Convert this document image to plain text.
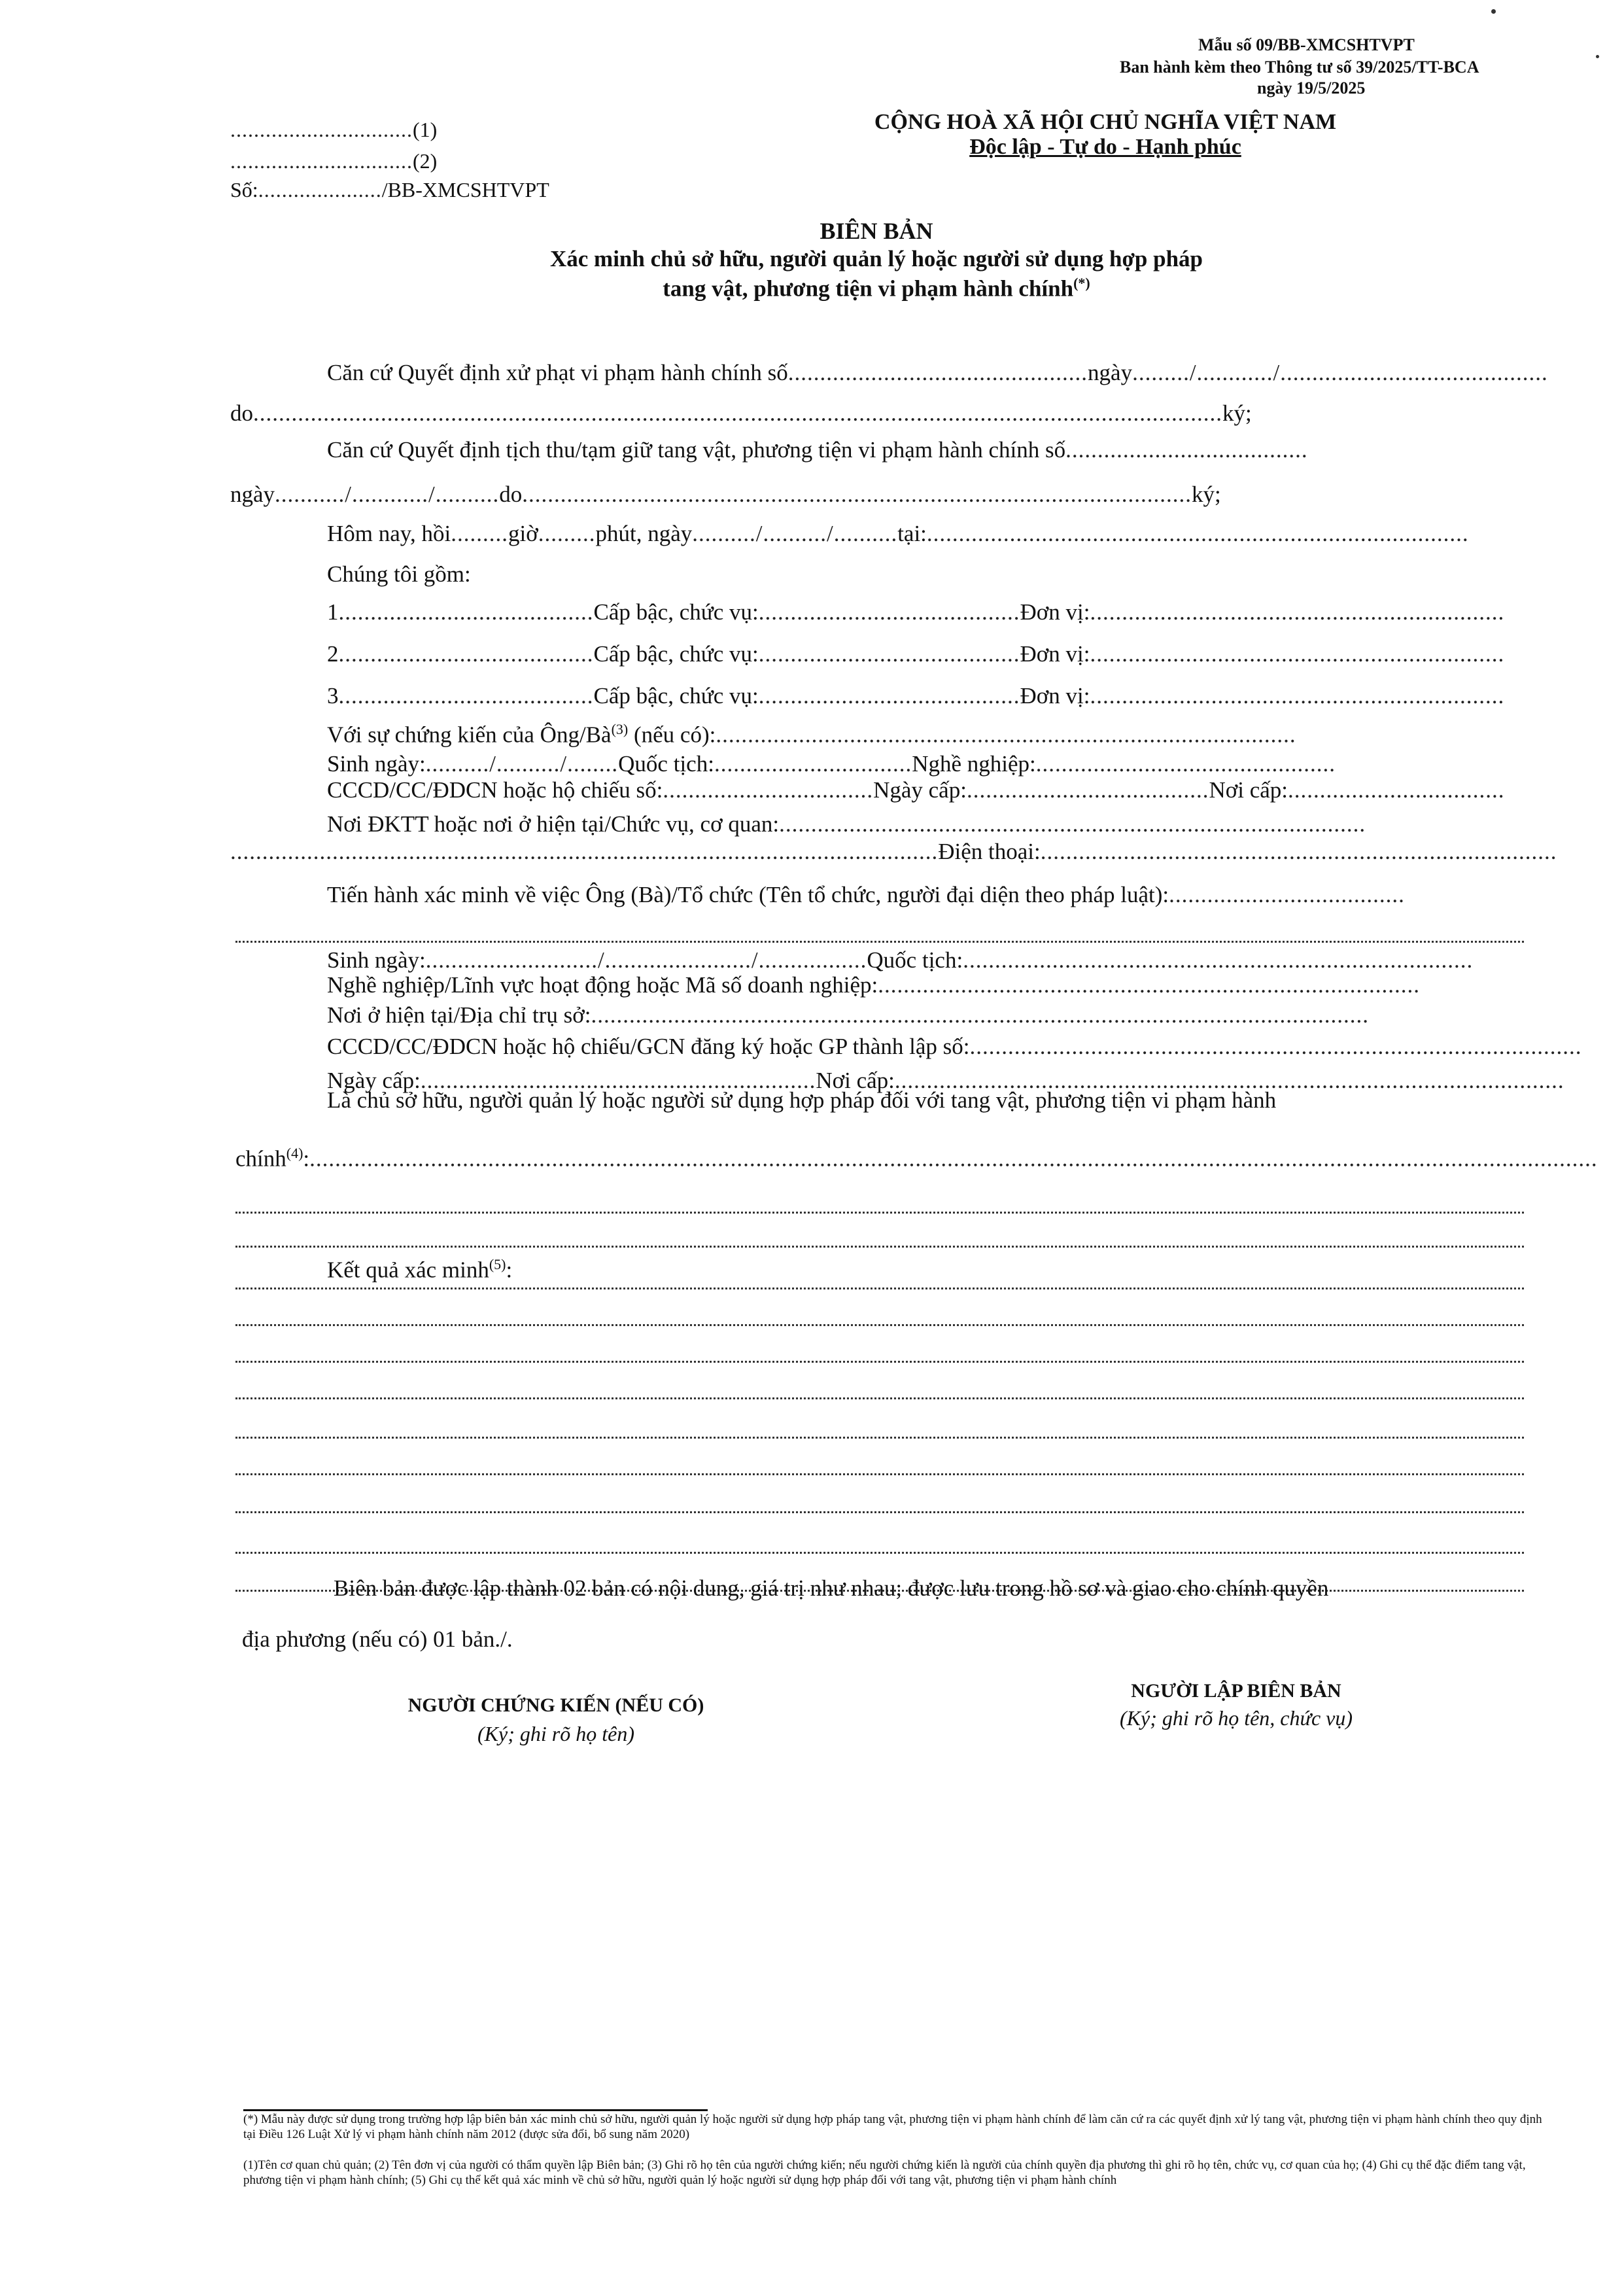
Mẫu số 09/BB-XMCSHTVPT
Ban hành kèm theo Thông tư số 39/2025/TT-BCA
ngày 19/5/2025
...............................(1)
...............................(2)
Số:...................../BB-XMCSHTVPT
CỘNG HOÀ XÃ HỘI CHỦ NGHĨA VIỆT NAM
Độc lập - Tự do - Hạnh phúc
BIÊN BẢN
Xác minh chủ sở hữu, người quản lý hoặc người sử dụng hợp pháp
tang vật, phương tiện vi phạm hành chính(*)
Căn cứ Quyết định xử phạt vi phạm hành chính số...............................................ngày........./............/..........................................
do........................................................................................................................................................ký;
Căn cứ Quyết định tịch thu/tạm giữ tang vật, phương tiện vi phạm hành chính số......................................
ngày.........../............/..........do.........................................................................................................ký;
Hôm nay, hồi.........giờ.........phút, ngày........../........../..........tại:.....................................................................................
Chúng tôi gồm:
1........................................Cấp bậc, chức vụ:.........................................Đơn vị:.................................................................
2........................................Cấp bậc, chức vụ:.........................................Đơn vị:.................................................................
3........................................Cấp bậc, chức vụ:.........................................Đơn vị:.................................................................
Với sự chứng kiến của Ông/$Bà^{(3)}$ (nếu có):...........................................................................................
Sinh ngày:........../........../........Quốc tịch:...............................Nghề nghiệp:...............................................
CCCD/CC/ĐDCN hoặc hộ chiếu số:.................................Ngày cấp:......................................Nơi cấp:..................................
Nơi ĐKTT hoặc nơi ở hiện tại/Chức vụ, cơ quan:............................................................................................
...............................................................................................................Điện thoại:.................................................................................
Tiến hành xác minh về việc Ông (Bà)/Tổ chức (Tên tổ chức, người đại diện theo pháp luật):.....................................
Sinh ngày:.........................../......................./.................Quốc tịch:................................................................................
Nghề nghiệp/Lĩnh vực hoạt động hoặc Mã số doanh nghiệp:.....................................................................................
Nơi ở hiện tại/Địa chỉ trụ sở:..........................................................................................................................
CCCD/CC/ĐDCN hoặc hộ chiếu/GCN đăng ký hoặc GP thành lập số:................................................................................................
Ngày cấp:..............................................................Nơi cấp:.........................................................................................................
Là chủ sở hữu, người quản lý hoặc người sử dụng hợp pháp đối với tang vật, phương tiện vi phạm hành
chính$^{(4)}$:..........................................................................................................................................................................................................
Kết quả xác minh$^{(5)}$:
Biên bản được lập thành 02 bản có nội dung, giá trị như nhau; được lưu trong hồ sơ và giao cho chính quyền
địa phương (nếu có) 01 bản./.
NGƯỜI CHỨNG KIẾN (NẾU CÓ)
(Ký; ghi rõ họ tên)
NGƯỜI LẬP BIÊN BẢN
(Ký; ghi rõ họ tên, chức vụ)
(*) Mẫu này được sử dụng trong trường hợp lập biên bản xác minh chủ sở hữu, người quản lý hoặc người sử dụng hợp pháp tang vật, phương tiện vi phạm hành chính để làm căn cứ ra các quyết định xử lý tang vật, phương tiện vi phạm hành chính theo quy định tại Điều 126 Luật Xử lý vi phạm hành chính năm 2012 (được sửa đổi, bổ sung năm 2020)
(1)Tên cơ quan chủ quản; (2) Tên đơn vị của người có thẩm quyền lập Biên bản; (3) Ghi rõ họ tên của người chứng kiến; nếu người chứng kiến là người của chính quyền địa phương thì ghi rõ họ tên, chức vụ, cơ quan của họ; (4) Ghi cụ thể đặc điểm tang vật, phương tiện vi phạm hành chính; (5) Ghi cụ thể kết quả xác minh về chủ sở hữu, người quản lý hoặc người sử dụng hợp pháp đối với tang vật, phương tiện vi phạm hành chính
